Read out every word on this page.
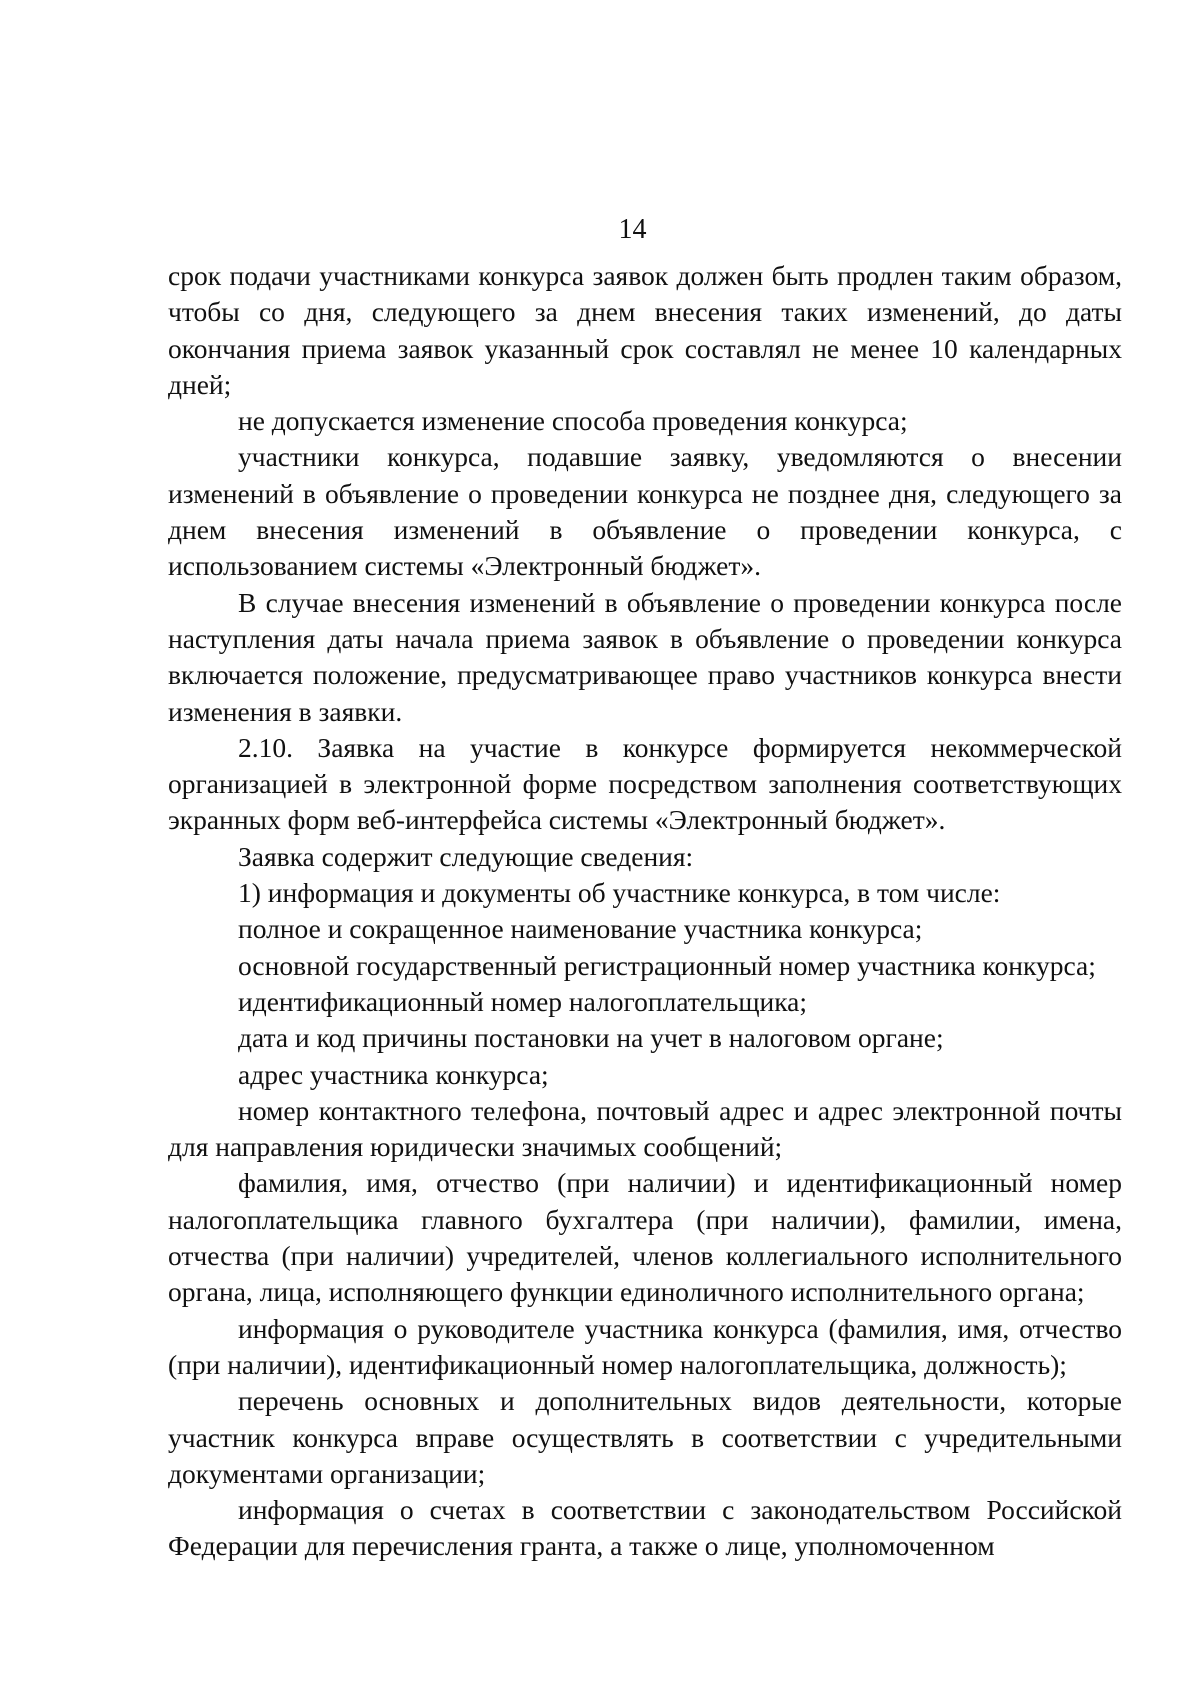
14

срок подачи участниками конкурса заявок должен быть продлен таким образом, чтобы со дня, следующего за днем внесения таких изменений, до даты окончания приема заявок указанный срок составлял не менее 10 календарных дней;

не допускается изменение способа проведения конкурса;

участники конкурса, подавшие заявку, уведомляются о внесении изменений в объявление о проведении конкурса не позднее дня, следующего за днем внесения изменений в объявление о проведении конкурса, с использованием системы «Электронный бюджет».

В случае внесения изменений в объявление о проведении конкурса после наступления даты начала приема заявок в объявление о проведении конкурса включается положение, предусматривающее право участников конкурса внести изменения в заявки.

2.10. Заявка на участие в конкурсе формируется некоммерческой организацией в электронной форме посредством заполнения соответствующих экранных форм веб-интерфейса системы «Электронный бюджет».

Заявка содержит следующие сведения:

1) информация и документы об участнике конкурса, в том числе:

полное и сокращенное наименование участника конкурса;

основной государственный регистрационный номер участника конкурса;

идентификационный номер налогоплательщика;

дата и код причины постановки на учет в налоговом органе;

адрес участника конкурса;

номер контактного телефона, почтовый адрес и адрес электронной почты для направления юридически значимых сообщений;

фамилия, имя, отчество (при наличии) и идентификационный номер налогоплательщика главного бухгалтера (при наличии), фамилии, имена, отчества (при наличии) учредителей, членов коллегиального исполнительного органа, лица, исполняющего функции единоличного исполнительного органа;

информация о руководителе участника конкурса (фамилия, имя, отчество (при наличии), идентификационный номер налогоплательщика, должность);

перечень основных и дополнительных видов деятельности, которые участник конкурса вправе осуществлять в соответствии с учредительными документами организации;

информация о счетах в соответствии с законодательством Российской Федерации для перечисления гранта, а также о лице, уполномоченном
